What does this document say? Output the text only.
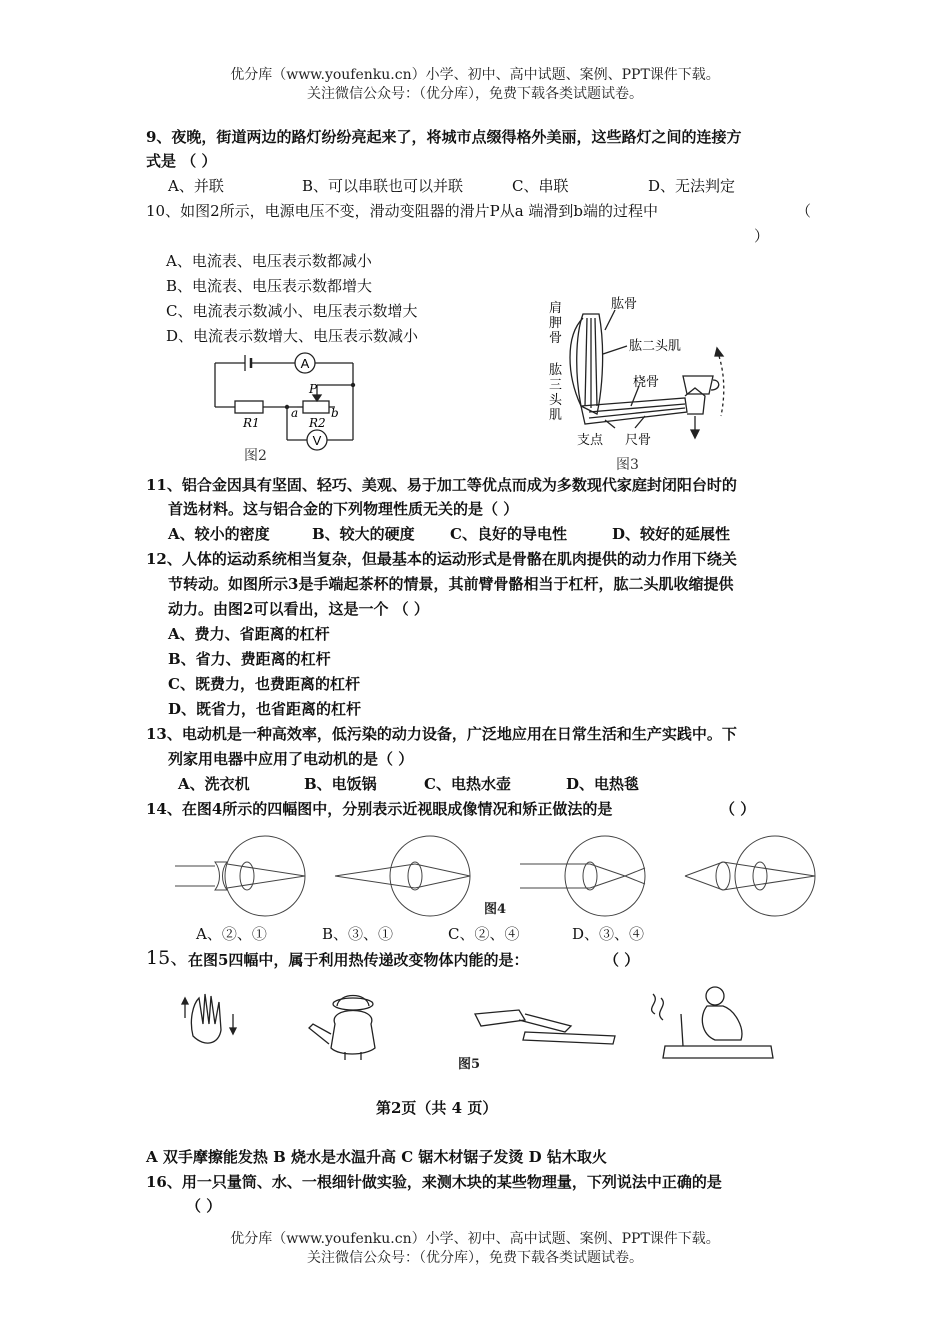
优分库（www.youfenku.cn）小学、初中、高中试题、案例、PPT课件下载。
关注微信公众号：（优分库），免费下载各类试题试卷。
9、夜晚，街道两边的路灯纷纷亮起来了，将城市点缀得格外美丽，这些路灯之间的连接方
式是 （ ）
A、并联	B、可以串联也可以并联	C、串联	D、无法判定
10、如图2所示，电源电压不变，滑动变阻器的滑片P从a 端滑到b端的过程中	（
）
A、电流表、电压表示数都减小
B、电流表、电压表示数都增大
C、电流表示数减小、电压表示数增大
D、电流表示数增大、电压表示数减小
A
V
P
a	b
R1	R2
图2
肩
胛
骨
肱骨
肱二头肌
肱
三
头
肌
桡骨
支点 尺骨
图3
11、铝合金因具有坚固、轻巧、美观、易于加工等优点而成为多数现代家庭封闭阳台时的
首选材料。这与铝合金的下列物理性质无关的是（ ）
A、较小的密度	B、较大的硬度 C、良好的导电性	D、较好的延展性
12、人体的运动系统相当复杂，但最基本的运动形式是骨骼在肌肉提供的动力作用下绕关
节转动。如图所示3是手端起茶杯的情景，其前臂骨骼相当于杠杆，肱二头肌收缩提供
动力。由图2可以看出，这是一个 （ ）
A、费力、省距离的杠杆
B、省力、费距离的杠杆
C、既费力，也费距离的杠杆
D、既省力，也省距离的杠杆
13、电动机是一种高效率，低污染的动力设备，广泛地应用在日常生活和生产实践中。下
列家用电器中应用了电动机的是（ ）
A、洗衣机	B、电饭锅	C、电热水壶	D、电热毯
14、在图4所示的四幅图中，分别表示近视眼成像情况和矫正做法的是	（ ）
图4
A、②、①	B、③、①	C、②、④	D、③、④
15、
在图5四幅中，属于利用热传递改变物体内能的是：	（ ）
图5
第2页（共 4 页）
A 双手摩擦能发热 B 烧水是水温升高 C 锯木材锯子发烫 D 钻木取火
16、用一只量筒、水、一根细针做实验，来测木块的某些物理量，下列说法中正确的是
（ ）
优分库（www.youfenku.cn）小学、初中、高中试题、案例、PPT课件下载。
关注微信公众号：（优分库），免费下载各类试题试卷。
